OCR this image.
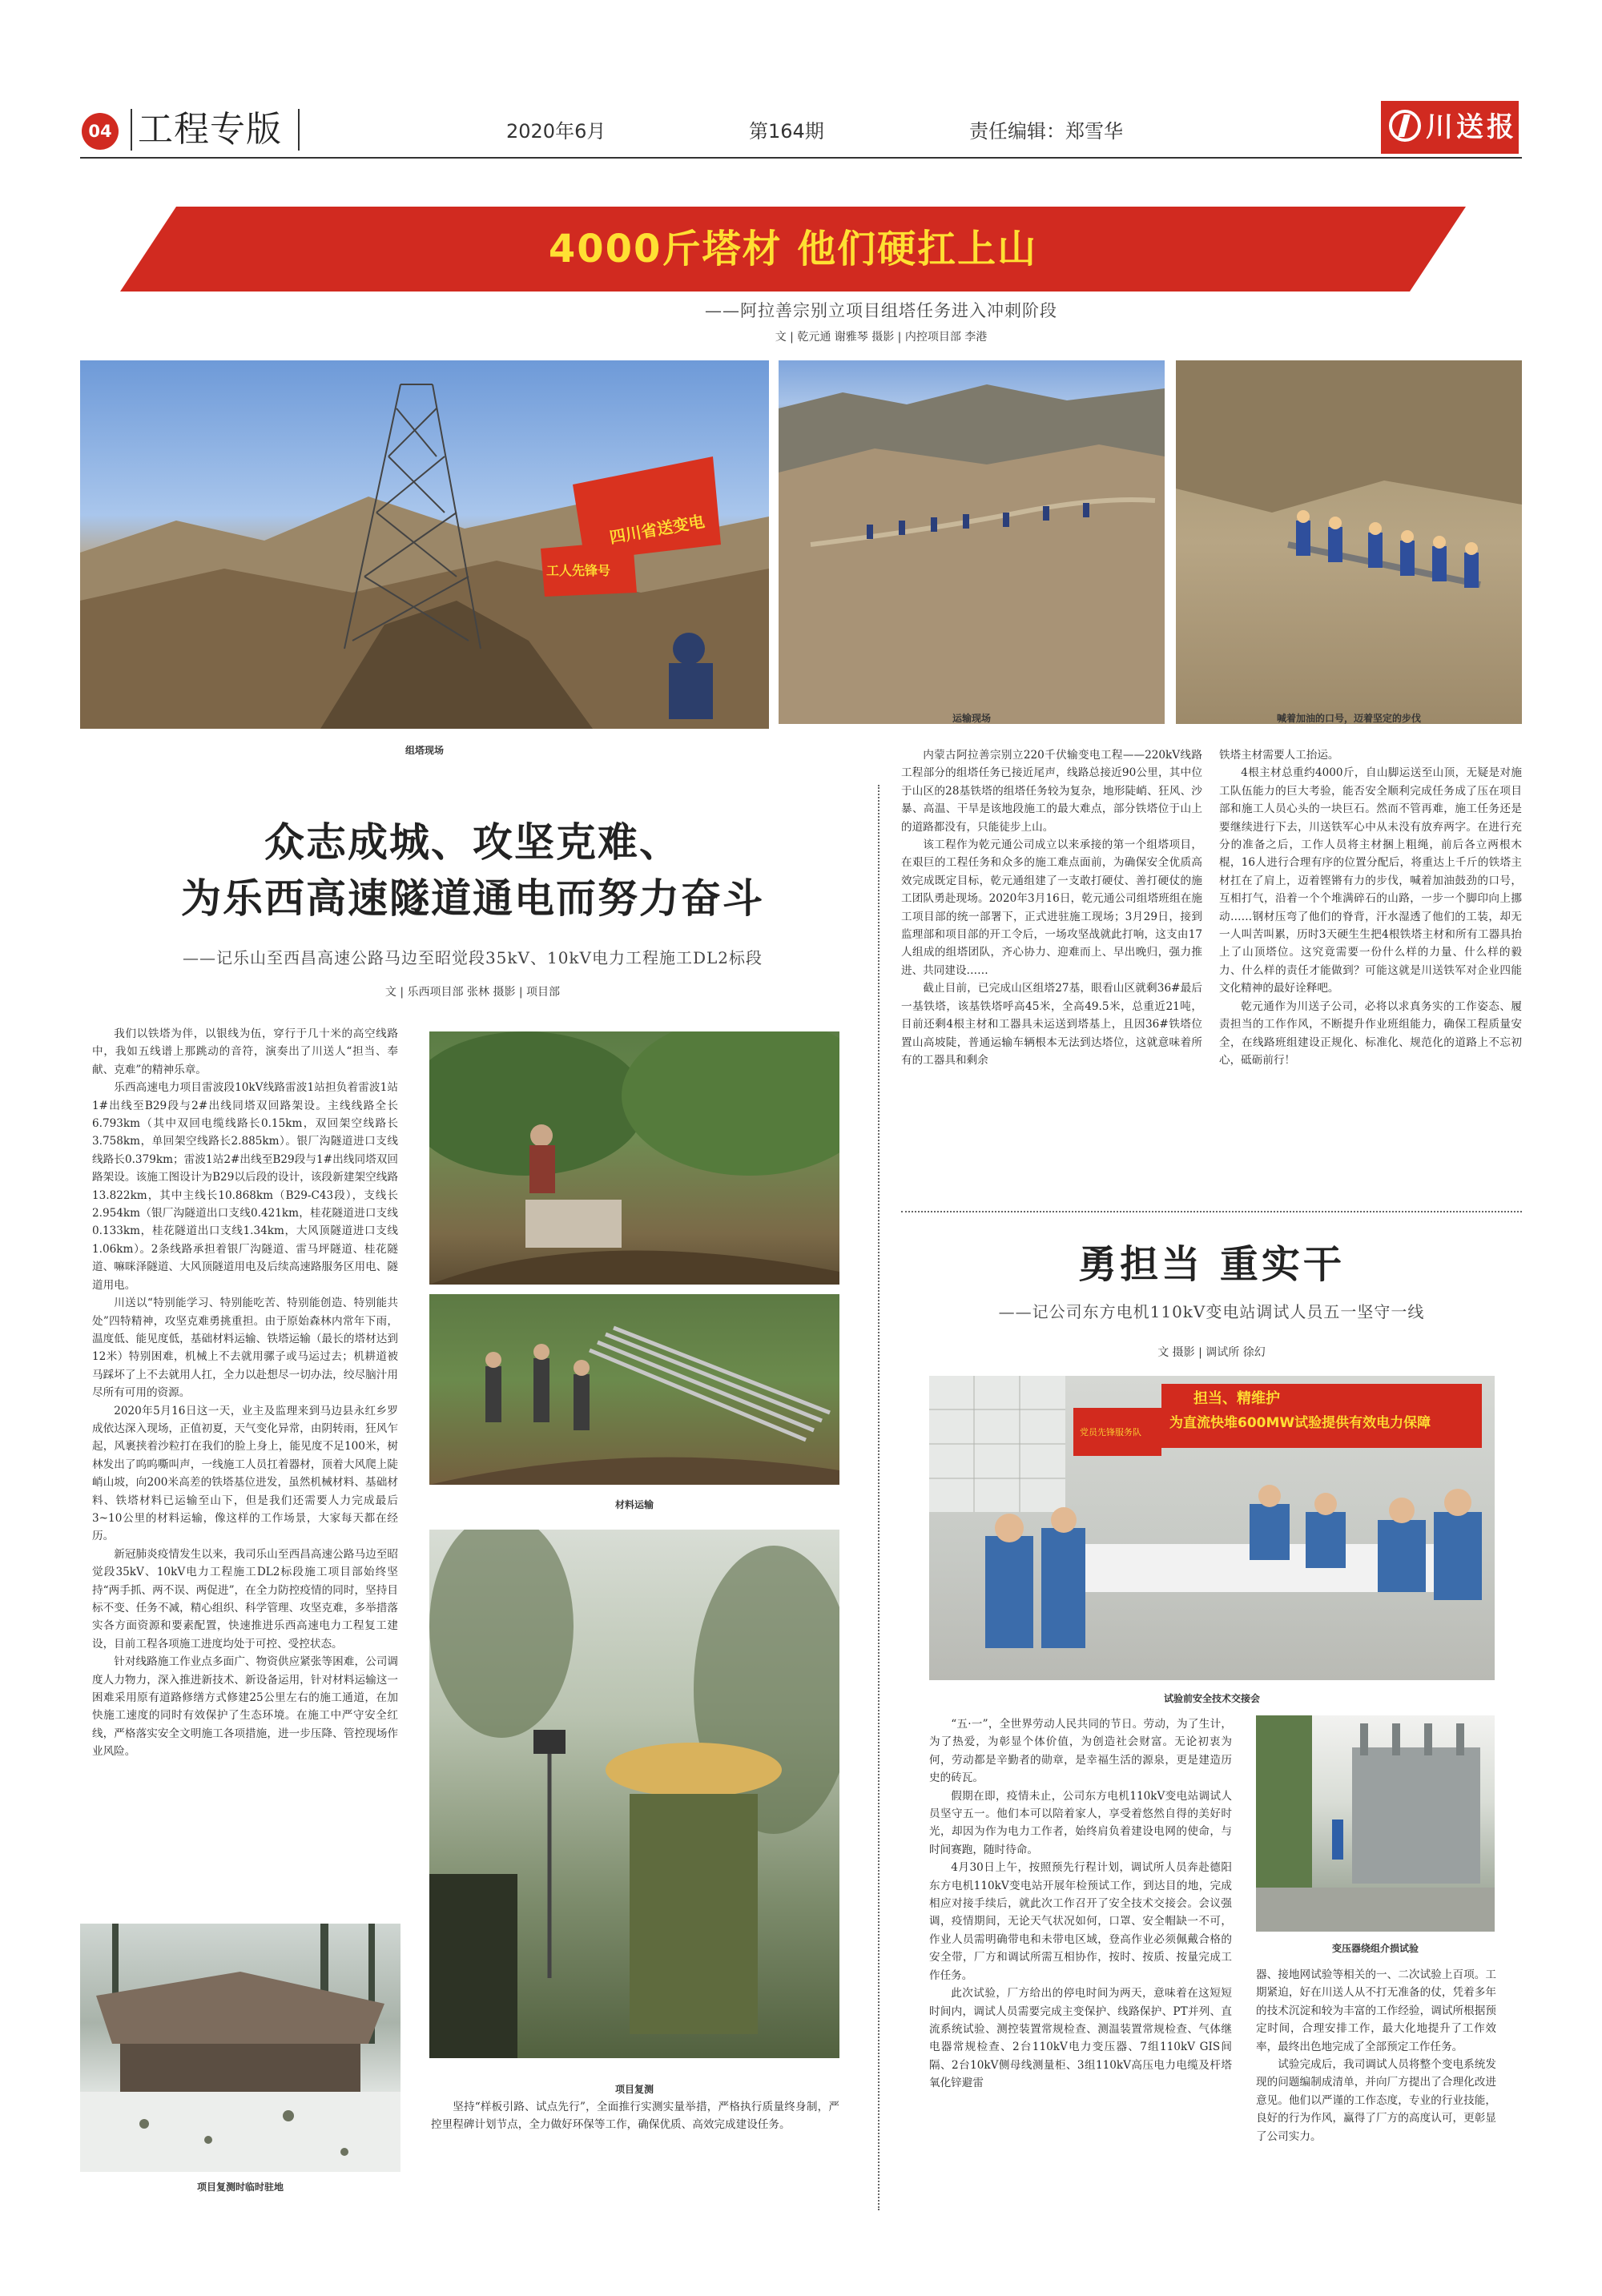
04 工程专版	2020年6月	第164期	责任编辑：郑雪华	川送报
4000斤塔材 他们硬扛上山
——阿拉善宗别立项目组塔任务进入冲刺阶段
文 | 乾元通 谢雅琴 摄影 | 内控项目部 李港
四川省送变电
工人先锋号
组塔现场
运输现场	喊着加油的口号，迈着坚定的步伐

内蒙古阿拉善宗别立220千伏输变电工程——220kV线路工程部分的组塔任务已接近尾声，线路总接近90公里，其中位于山区的28基铁塔的组塔任务较为复杂，地形陡峭、狂风、沙暴、高温、干旱是该地段施工的最大难点，部分铁塔位于山上的道路都没有，只能徒步上山。

该工程作为乾元通公司成立以来承接的第一个组塔项目，在艰巨的工程任务和众多的施工难点面前，为确保安全优质高效完成既定目标，乾元通组建了一支敢打硬仗、善打硬仗的施工团队勇赴现场。2020年3月16日，乾元通公司组塔班组在施工项目部的统一部署下，正式进驻施工现场；3月29日，接到监理部和项目部的开工令后，一场攻坚战就此打响，这支由17人组成的组塔团队，齐心协力、迎难而上、早出晚归，强力推进、共同建设……

截止目前，已完成山区组塔27基，眼看山区就剩36#最后一基铁塔，该基铁塔呼高45米，全高49.5米，总重近21吨，目前还剩4根主材和工器具未运送到塔基上，且因36#铁塔位置山高坡陡，普通运输车辆根本无法到达塔位，这就意味着所有的工器具和剩余

铁塔主材需要人工抬运。

4根主材总重约4000斤，自山脚运送至山顶，无疑是对施工队伍能力的巨大考验，能否安全顺利完成任务成了压在项目部和施工人员心头的一块巨石。然而不管再难，施工任务还是要继续进行下去，川送铁军心中从未没有放弃两字。在进行充分的准备之后，工作人员将主材捆上粗绳，前后各立两根木棍，16人进行合理有序的位置分配后，将重达上千斤的铁塔主材扛在了肩上，迈着铿锵有力的步伐，喊着加油鼓劲的口号，互相打气，沿着一个个堆满碎石的山路，一步一个脚印向上挪动……钢材压弯了他们的脊背，汗水湿透了他们的工装，却无一人叫苦叫累，历时3天硬生生把4根铁塔主材和所有工器具抬上了山顶塔位。这究竟需要一份什么样的力量、什么样的毅力、什么样的责任才能做到？可能这就是川送铁军对企业四能文化精神的最好诠释吧。

乾元通作为川送子公司，必将以求真务实的工作姿态、履责担当的工作作风，不断提升作业班组能力，确保工程质量安全，在线路班组建设正规化、标准化、规范化的道路上不忘初心，砥砺前行！

众志成城、攻坚克难、
为乐西高速隧道通电而努力奋斗
——记乐山至西昌高速公路马边至昭觉段35kV、10kV电力工程施工DL2标段
文 | 乐西项目部 张林 摄影 | 项目部

我们以铁塔为伴，以银线为伍，穿行于几十米的高空线路中，我如五线谱上那跳动的音符，演奏出了川送人“担当、奉献、克难”的精神乐章。

乐西高速电力项目雷波段10kV线路雷波1站担负着雷波1站1#出线至B29段与2#出线同塔双回路架设。主线线路全长6.793km（其中双回电缆线路长0.15km，双回架空线路长3.758km，单回架空线路长2.885km）。银厂沟隧道进口支线线路长0.379km；雷波1站2#出线至B29段与1#出线同塔双回路架设。该施工图设计为B29以后段的设计，该段新建架空线路13.822km，其中主线长10.868km（B29-C43段），支线长2.954km（银厂沟隧道出口支线0.421km，桂花隧道进口支线0.133km，桂花隧道出口支线1.34km，大风顶隧道进口支线1.06km）。2条线路承担着银厂沟隧道、雷马坪隧道、桂花隧道、嘛咪泽隧道、大风顶隧道用电及后续高速路服务区用电、隧道用电。

川送以“特别能学习、特别能吃苦、特别能创造、特别能共处”四特精神，攻坚克难勇挑重担。由于原始森林内常年下雨，温度低、能见度低，基础材料运输、铁塔运输（最长的塔材达到12米）特别困难，机械上不去就用骡子或马运过去；机耕道被马踩坏了上不去就用人扛，全力以赴想尽一切办法，绞尽脑汁用尽所有可用的资源。

2020年5月16日这一天，业主及监理来到马边县永红乡罗成依达深入现场，正值初夏，天气变化异常，由阴转雨，狂风乍起，风裹挟着沙粒打在我们的脸上身上，能见度不足100米，树林发出了呜呜嘶叫声，一线施工人员扛着器材，顶着大风爬上陡峭山坡，向200米高差的铁塔基位进发，虽然机械材料、基础材料、铁塔材料已运输至山下，但是我们还需要人力完成最后3~10公里的材料运输，像这样的工作场景，大家每天都在经历。

新冠肺炎疫情发生以来，我司乐山至西昌高速公路马边至昭觉段35kV、10kV电力工程施工DL2标段施工项目部始终坚持“两手抓、两不误、两促进”，在全力防控疫情的同时，坚持目标不变、任务不减，精心组织、科学管理、攻坚克难，多举措落实各方面资源和要素配置，快速推进乐西高速电力工程复工建设，目前工程各项施工进度均处于可控、受控状态。

针对线路施工作业点多面广、物资供应紧张等困难，公司调度人力物力，深入推进新技术、新设备运用，针对材料运输这一困难采用原有道路修缮方式修建25公里左右的施工通道，在加快施工速度的同时有效保护了生态环境。在施工中严守安全红线，严格落实安全文明施工各项措施，进一步压降、管控现场作业风险。

坚持“样板引路、试点先行”，全面推行实测实量举措，严格执行质量终身制，严控里程碑计划节点，全力做好环保等工作，确保优质、高效完成建设任务。

材料运输
项目复测
项目复测时临时驻地
勇担当 重实干
——记公司东方电机110kV变电站调试人员五一坚守一线
文 摄影 | 调试所 徐幻
担当、精维护
为直流快堆600MW试验提供有效电力保障
党员先锋服务队
试验前安全技术交接会

“五·一”，全世界劳动人民共同的节日。劳动，为了生计，为了热爱，为彰显个体价值，为创造社会财富。无论初衷为何，劳动都是辛勤者的勋章，是幸福生活的源泉，更是建造历史的砖瓦。

假期在即，疫情未止，公司东方电机110kV变电站调试人员坚守五一。他们本可以陪着家人，享受着悠然自得的美好时光，却因为作为电力工作者，始终肩负着建设电网的使命，与时间赛跑，随时待命。

4月30日上午，按照预先行程计划，调试所人员奔赴德阳东方电机110kV变电站开展年检预试工作，到达目的地，完成相应对接手续后，就此次工作召开了安全技术交接会。会议强调，疫情期间，无论天气状况如何，口罩、安全帽缺一不可，作业人员需明确带电和未带电区域，登高作业必须佩戴合格的安全带，厂方和调试所需互相协作，按时、按质、按量完成工作任务。

此次试验，厂方给出的停电时间为两天，意味着在这短短时间内，调试人员需要完成主变保护、线路保护、PT并列、直流系统试验、测控装置常规检查、测温装置常规检查、气体继电器常规检查、2台110kV电力变压器、7组110kV GIS间隔、2台10kV侧母线测量柜、3组110kV高压电力电缆及杆塔氧化锌避雷

变压器绕组介损试验

器、接地网试验等相关的一、二次试验上百项。工期紧迫，好在川送人从不打无准备的仗，凭着多年的技术沉淀和较为丰富的工作经验，调试所根据预定时间，合理安排工作，最大化地提升了工作效率，最终出色地完成了全部预定工作任务。

试验完成后，我司调试人员将整个变电系统发现的问题编制成清单，并向厂方提出了合理化改进意见。他们以严谨的工作态度，专业的行业技能，良好的行为作风，赢得了厂方的高度认可，更彰显了公司实力。
